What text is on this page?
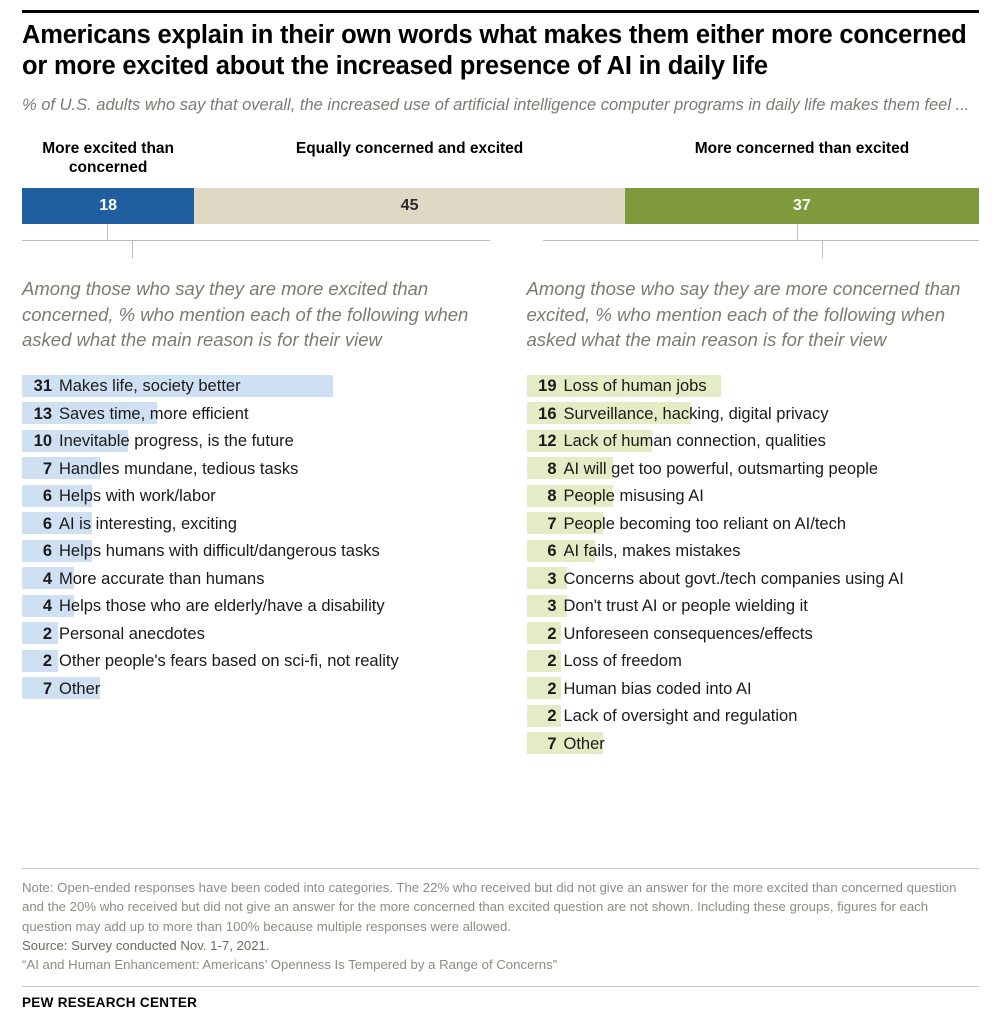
Americans explain in their own words what makes them either more concerned or more excited about the increased presence of AI in daily life

% of U.S. adults who say that overall, the increased use of artificial intelligence computer programs in daily life makes them feel ...

More excited than concerned
Equally concerned and excited	More concerned than excited
18	45	37

Among those who say they are more excited than concerned, % who mention each of the following when asked what the main reason is for their view

31 Makes life, society better
13 Saves time, more efficient
10 Inevitable progress, is the future
7 Handles mundane, tedious tasks
6 Helps with work/labor
6 AI is interesting, exciting
6 Helps humans with difficult/dangerous tasks
4 More accurate than humans
4 Helps those who are elderly/have a disability
2 Personal anecdotes
2 Other people's fears based on sci-fi, not reality
7 Other

Among those who say they are more concerned than excited, % who mention each of the following when asked what the main reason is for their view

19 Loss of human jobs
16 Surveillance, hacking, digital privacy
12 Lack of human connection, qualities
8 AI will get too powerful, outsmarting people
8 People misusing AI
7 People becoming too reliant on AI/tech
6 AI fails, makes mistakes
3 Concerns about govt./tech companies using AI
3 Don't trust AI or people wielding it
2 Unforeseen consequences/effects
2 Loss of freedom
2 Human bias coded into AI
2 Lack of oversight and regulation
7 Other

Note: Open-ended responses have been coded into categories. The 22% who received but did not give an answer for the more excited than concerned question and the 20% who received but did not give an answer for the more concerned than excited question are not shown. Including these groups, figures for each question may add up to more than 100% because multiple responses were allowed.

Source: Survey conducted Nov. 1-7, 2021.

“AI and Human Enhancement: Americans’ Openness Is Tempered by a Range of Concerns”

PEW RESEARCH CENTER
